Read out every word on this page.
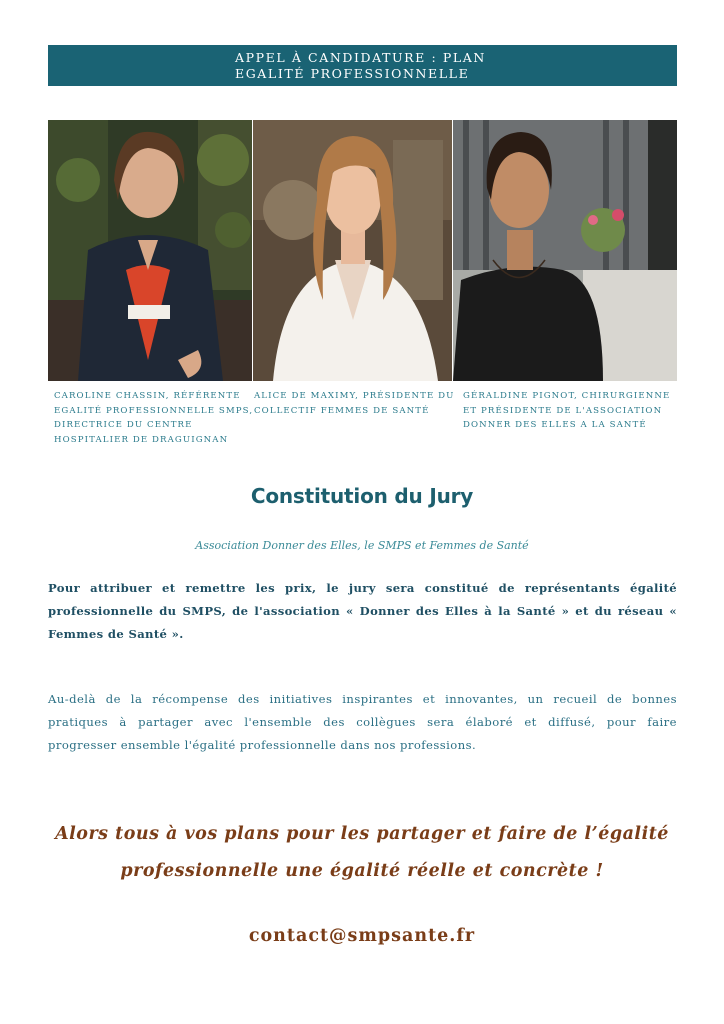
APPEL À CANDIDATURE : PLAN
EGALITÉ PROFESSIONNELLE
CAROLINE CHASSIN, RÉFÉRENTE
EGALITÉ PROFESSIONNELLE SMPS,
DIRECTRICE DU CENTRE
HOSPITALIER DE DRAGUIGNAN
ALICE DE MAXIMY, PRÉSIDENTE DU
COLLECTIF FEMMES DE SANTÉ
GÉRALDINE PIGNOT, CHIRURGIENNE
ET PRÉSIDENTE DE L'ASSOCIATION
DONNER DES ELLES A LA SANTÉ
Constitution du Jury
Association Donner des Elles, le SMPS et Femmes de Santé
Pour attribuer et remettre les prix, le jury sera constitué de représentants égalité
professionnelle du SMPS, de l'association « Donner des Elles à la Santé » et du réseau «
Femmes de Santé ».
Au-delà de la récompense des initiatives inspirantes et innovantes, un recueil de bonnes
pratiques à partager avec l'ensemble des collègues sera élaboré et diffusé, pour faire
progresser ensemble l'égalité professionnelle dans nos professions.
Alors tous à vos plans pour les partager et faire de l’égalité
professionnelle une égalité réelle et concrète !
contact@smpsante.fr
